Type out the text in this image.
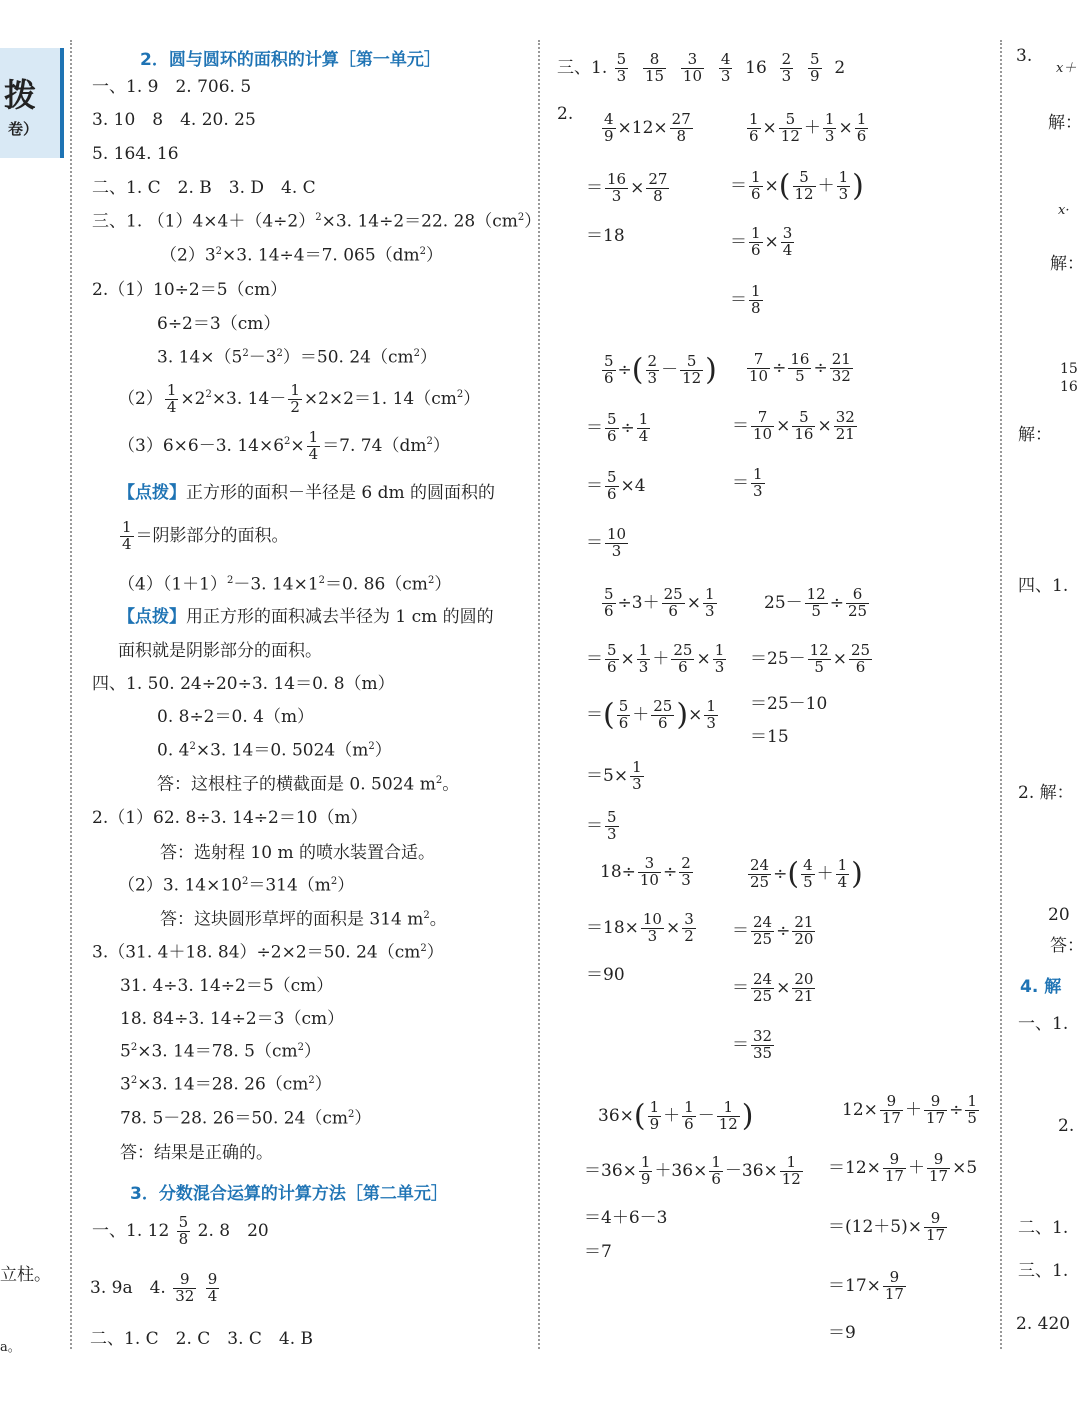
拨
卷）
立柱。
a。
2．圆与圆环的面积的计算［第一单元］
一、1. 9　2. 706. 5
3. 10　8　4. 20. 25
5. 164. 16
二、1. C　2. B　3. D　4. C
三、1. $(1)4\times 4+(4\div 2)^2\times 3$. 14÷2＝22. $28(cm^2)$
$(2)3^2\times 3$. 14÷4＝7. $065(dm^2)$
2.（1）10÷2＝5（cm）
6÷2＝3（cm）
3. $14\times(5^2-3^2)=50$. $24(cm^2)$
$(2) \frac{1}{4} \times 2^2\times 3$. $14- \frac{1}{2} \times 2\times 2=1$. $14(cm^2)$
（3）6×6－3. $14\times 6^2\times \frac{1}{4} =7$. $74(dm^2)$
【点拨】正方形的面积－半径是 6 dm 的圆面积的
$\frac{1}{4}$ ＝阴影部分的面积。
$(4)(1+1)^2-3$. $14\times 1^2=0$. $86(cm^2)$
【点拨】用正方形的面积减去半径为 1 cm 的圆的
面积就是阴影部分的面积。
四、1. 50. 24÷20÷3. 14＝0. 8（m）
0. 8÷2＝0. 4（m）
0. $4^2\times 3$. 14＝0. $5024(m^2)$
答：这根柱子的横截面是 0. 5024 $m^2$。
2.（1）62. 8÷3. 14÷2＝10（m）
答：选射程 10 m 的喷水装置合适。
（2）3. $14\times 10^2=314(m^2)$
答：这块圆形草坪的面积是 314 $m^2$。
3.（31. 4＋18. 84）÷2×2＝50. $24(cm^2)$
31. 4÷3. 14÷2＝5（cm）
18. 84÷3. 14÷2＝3（cm）
$5^2\times 3$. 14＝78. $5(cm^2)$
$3^2\times 3$. 14＝28. $26(cm^2)$
78. 5－28. 26＝50. $24(cm^2)$
答：结果是正确的。
3．分数混合运算的计算方法［第二单元］
一、1. $12 \frac{5}{8} 2$. 8　20
3. 9a　4. $\frac{9}{32}$
$\frac{9}{4}$
二、1. C　2. C　3. C　4. B
三、1. $\frac{5}{3}$
$\frac{8}{15}$
$\frac{3}{10}$
$\frac{4}{3} 16 \frac{2}{3}$
$\frac{5}{9} 2$
2. $\frac{4}{9} \times 12\times \frac{27}{8}$
＝ $\frac{16}{3} \times \frac{27}{8}$
＝18
$\frac{1}{6} \times \frac{5}{12} + \frac{1}{3} \times \frac{1}{6}$
＝ $\frac{1}{6}$ ×( $\frac{5}{12} + \frac{1}{3}$ )
＝ $\frac{1}{6} \times \frac{3}{4}$
＝ $\frac{1}{8}$
$\frac{5}{6}$ ÷( $\frac{2}{3} - \frac{5}{12}$ )
＝ $\frac{5}{6} \div \frac{1}{4}$
＝ $\frac{5}{6} \times 4$
＝ $\frac{10}{3}$
$\frac{7}{10} \div \frac{16}{5} \div \frac{21}{32}$
＝ $\frac{7}{10} \times \frac{5}{16} \times \frac{32}{21}$
＝ $\frac{1}{3}$
$\frac{5}{6} \div 3+ \frac{25}{6} \times \frac{1}{3}$
＝ $\frac{5}{6} \times \frac{1}{3} + \frac{25}{6} \times \frac{1}{3}$
＝( $\frac{5}{6} + \frac{25}{6}$ )× $\frac{1}{3}$
$=5\times \frac{1}{3}$
＝ $\frac{5}{3}$
$25- \frac{12}{5} \div \frac{6}{25}$
$=25- \frac{12}{5} \times \frac{25}{6}$
＝25－10
＝15
$18\div \frac{3}{10} \div \frac{2}{3}$
$=18\times \frac{10}{3} \times \frac{3}{2}$
＝90
$\frac{24}{25}$ ÷( $\frac{4}{5} + \frac{1}{4}$ )
＝ $\frac{24}{25} \div \frac{21}{20}$
＝ $\frac{24}{25} \times \frac{20}{21}$
＝ $\frac{32}{35}$
$36\times( \frac{1}{9} + \frac{1}{6} - \frac{1}{12}$ )
$=36\times \frac{1}{9} +36\times \frac{1}{6} -36\times \frac{1}{12}$
＝4＋6－3
＝7
$12\times \frac{9}{17} + \frac{9}{17} \div \frac{1}{5}$
$=12\times \frac{9}{17} + \frac{9}{17} \times 5$
$=(12+5)\times \frac{9}{17}$
$=17\times \frac{9}{17}$
＝9
3.
x＋
解：
x·
解：
15
16
解：
四、1.
2. 解：
20
答：
4. 解
一、1.
2.
二、1.
三、1.
2. 420
